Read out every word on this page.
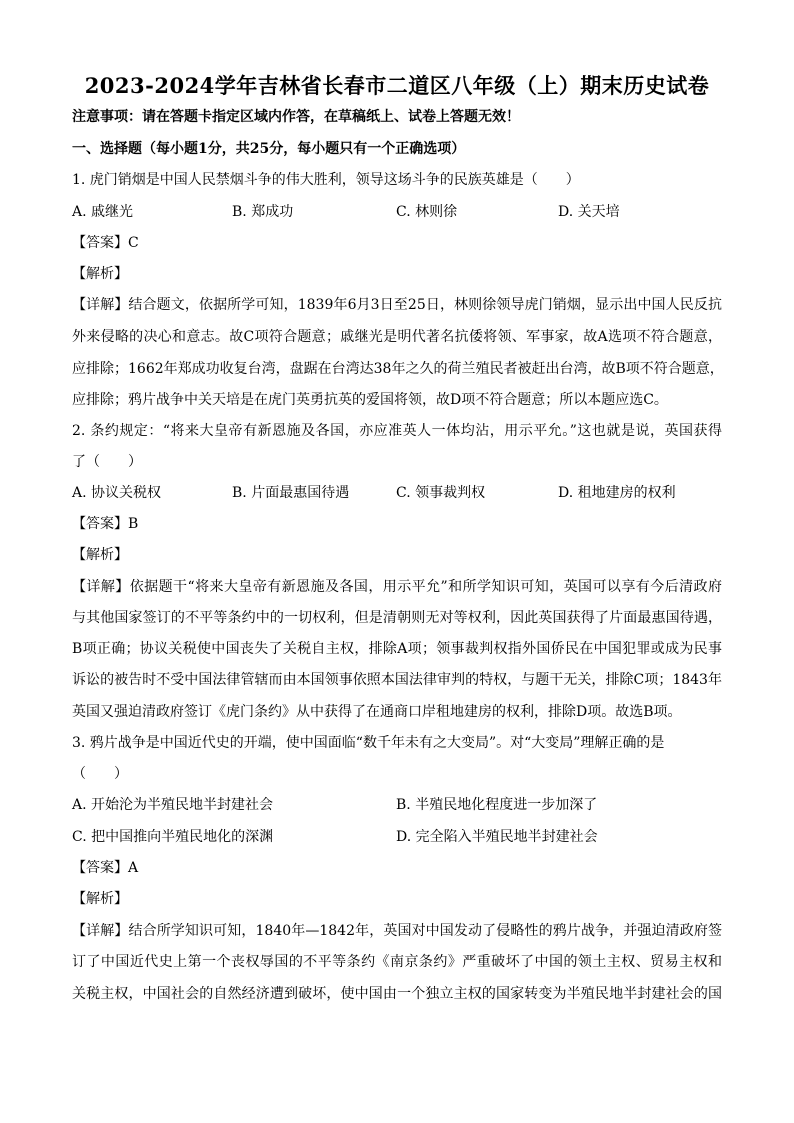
2023-2024学年吉林省长春市二道区八年级（上）期末历史试卷
注意事项：请在答题卡指定区域内作答，在草稿纸上、试卷上答题无效！
一、选择题（每小题1分，共25分，每小题只有一个正确选项）
1. 虎门销烟是中国人民禁烟斗争的伟大胜利，领导这场斗争的民族英雄是（　　）
A. 戚继光	B. 郑成功	C. 林则徐	D. 关天培
【答案】C
【解析】
【详解】结合题文，依据所学可知，1839年6月3日至25日，林则徐领导虎门销烟，显示出中国人民反抗
外来侵略的决心和意志。故C项符合题意；戚继光是明代著名抗倭将领、军事家，故A选项不符合题意，
应排除；1662年郑成功收复台湾，盘踞在台湾达38年之久的荷兰殖民者被赶出台湾，故B项不符合题意，
应排除；鸦片战争中关天培是在虎门英勇抗英的爱国将领，故D项不符合题意；所以本题应选C。
2. 条约规定：“将来大皇帝有新恩施及各国，亦应准英人一体均沾，用示平允。”这也就是说，英国获得
了（　　）
A. 协议关税权	B. 片面最惠国待遇	C. 领事裁判权	D. 租地建房的权利
【答案】B
【解析】
【详解】依据题干“将来大皇帝有新恩施及各国，用示平允”和所学知识可知，英国可以享有今后清政府
与其他国家签订的不平等条约中的一切权利，但是清朝则无对等权利，因此英国获得了片面最惠国待遇，
B项正确；协议关税使中国丧失了关税自主权，排除A项；领事裁判权指外国侨民在中国犯罪或成为民事
诉讼的被告时不受中国法律管辖而由本国领事依照本国法律审判的特权，与题干无关，排除C项；1843年
英国又强迫清政府签订《虎门条约》从中获得了在通商口岸租地建房的权利，排除D项。故选B项。
3. 鸦片战争是中国近代史的开端，使中国面临“数千年未有之大变局”。对“大变局”理解正确的是
（　　）
A. 开始沦为半殖民地半封建社会	B. 半殖民地化程度进一步加深了
C. 把中国推向半殖民地化的深渊	D. 完全陷入半殖民地半封建社会
【答案】A
【解析】
【详解】结合所学知识可知，1840年—1842年，英国对中国发动了侵略性的鸦片战争，并强迫清政府签
订了中国近代史上第一个丧权辱国的不平等条约《南京条约》严重破坏了中国的领土主权、贸易主权和
关税主权，中国社会的自然经济遭到破坏，使中国由一个独立主权的国家转变为半殖民地半封建社会的国
